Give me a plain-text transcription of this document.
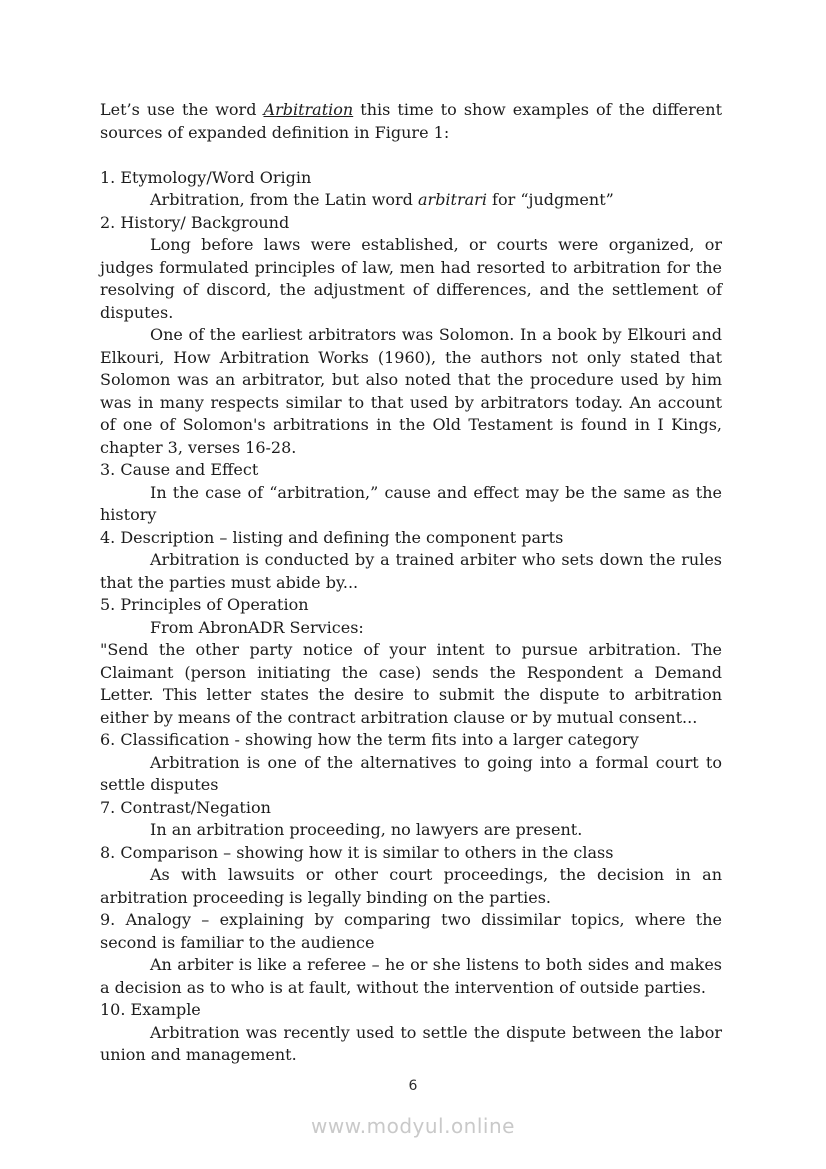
Let’s use the word Arbitration this time to show examples of the different sources of expanded definition in Figure 1:

1. Etymology/Word Origin

Arbitration, from the Latin word arbitrari for “judgment”

2. History/ Background

Long before laws were established, or courts were organized, or judges formulated principles of law, men had resorted to arbitration for the resolving of discord, the adjustment of differences, and the settlement of disputes.

One of the earliest arbitrators was Solomon. In a book by Elkouri and Elkouri, How Arbitration Works (1960), the authors not only stated that Solomon was an arbitrator, but also noted that the procedure used by him was in many respects similar to that used by arbitrators today. An account of one of Solomon's arbitrations in the Old Testament is found in I Kings, chapter 3, verses 16-28.

3. Cause and Effect

In the case of “arbitration,” cause and effect may be the same as the history

4. Description – listing and defining the component parts

Arbitration is conducted by a trained arbiter who sets down the rules that the parties must abide by...

5. Principles of Operation

From AbronADR Services:

"Send the other party notice of your intent to pursue arbitration. The Claimant (person initiating the case) sends the Respondent a Demand Letter. This letter states the desire to submit the dispute to arbitration either by means of the contract arbitration clause or by mutual consent...

6. Classification - showing how the term fits into a larger category

Arbitration is one of the alternatives to going into a formal court to settle disputes

7. Contrast/Negation

In an arbitration proceeding, no lawyers are present.

8. Comparison – showing how it is similar to others in the class

As with lawsuits or other court proceedings, the decision in an arbitration proceeding is legally binding on the parties.

9. Analogy – explaining by comparing two dissimilar topics, where the second is familiar to the audience

An arbiter is like a referee – he or she listens to both sides and makes a decision as to who is at fault, without the intervention of outside parties.

10. Example

Arbitration was recently used to settle the dispute between the labor union and management.

6
www.modyul.online
